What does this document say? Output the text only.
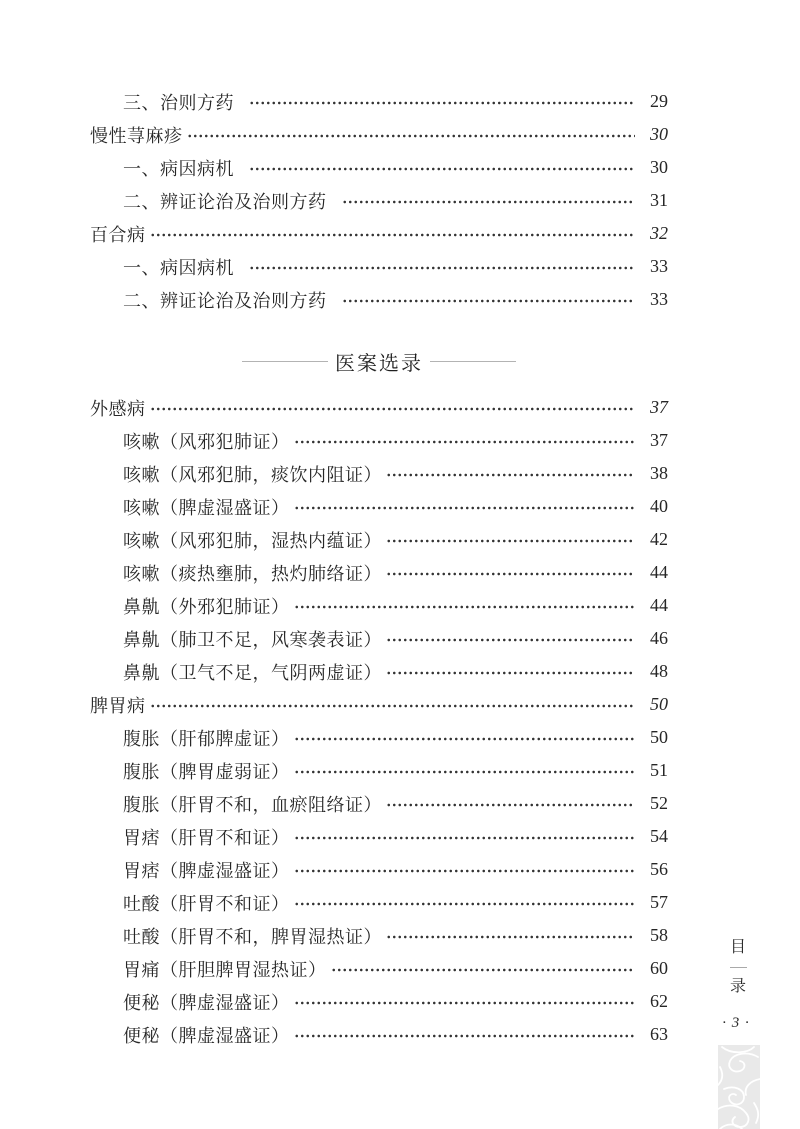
三、治则方药	29
慢性荨麻疹	30
一、病因病机	30
二、辨证论治及治则方药	31
百合病	32
一、病因病机	33
二、辨证论治及治则方药	33
医案选录
外感病	37
咳嗽（风邪犯肺证）	37
咳嗽（风邪犯肺，痰饮内阻证）	38
咳嗽（脾虚湿盛证）	40
咳嗽（风邪犯肺，湿热内蕴证）	42
咳嗽（痰热壅肺，热灼肺络证）	44
鼻鼽（外邪犯肺证）	44
鼻鼽（肺卫不足，风寒袭表证）	46
鼻鼽（卫气不足，气阴两虚证）	48
脾胃病	50
腹胀（肝郁脾虚证）	50
腹胀（脾胃虚弱证）	51
腹胀（肝胃不和，血瘀阻络证）	52
胃痞（肝胃不和证）	54
胃痞（脾虚湿盛证）	56
吐酸（肝胃不和证）	57
吐酸（肝胃不和，脾胃湿热证）	58
胃痛（肝胆脾胃湿热证）	60
便秘（脾虚湿盛证）	62
便秘（脾虚湿盛证）	63
目
录
· 3 ·
